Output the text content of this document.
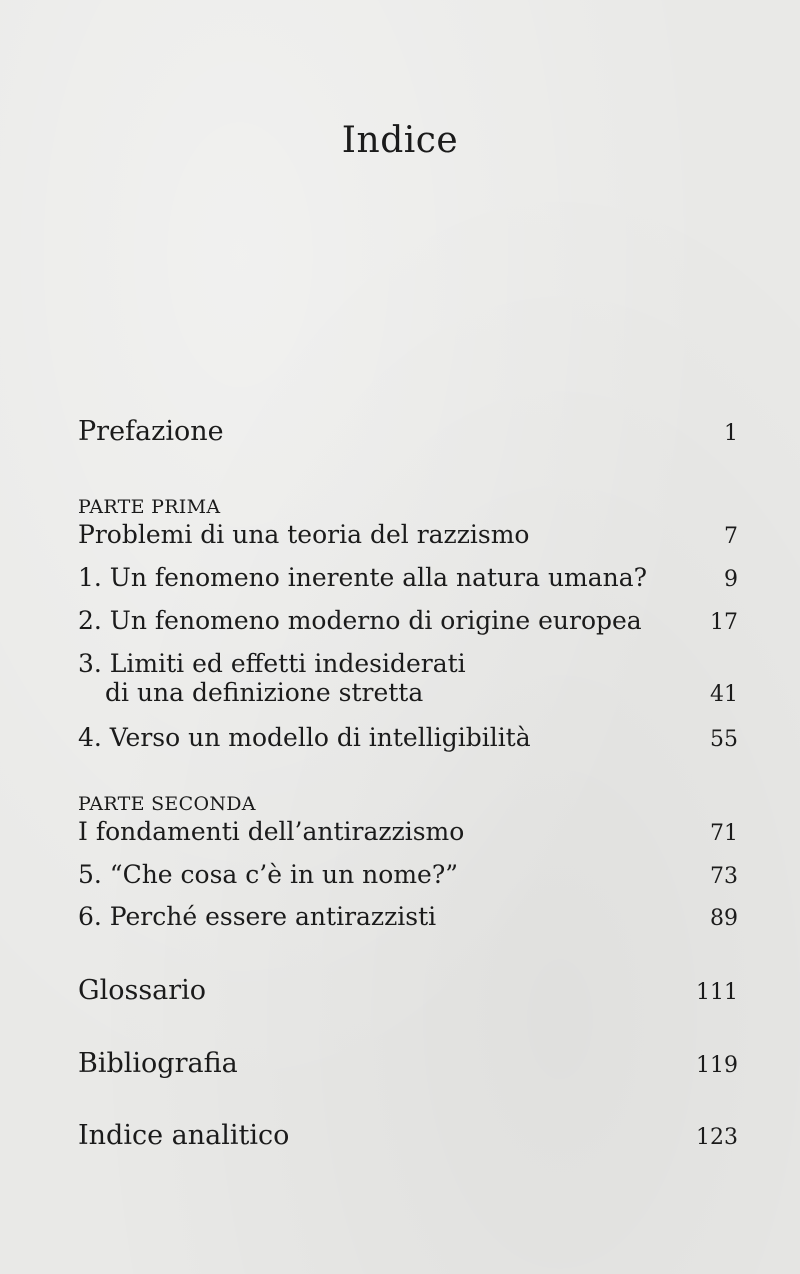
Indice
Prefazione	1
PARTE PRIMA
Problemi di una teoria del razzismo	7
1. Un fenomeno inerente alla natura umana?	9
2. Un fenomeno moderno di origine europea	17
3. Limiti ed effetti indesiderati
di una definizione stretta	41
4. Verso un modello di intelligibilità	55
PARTE SECONDA
I fondamenti dell’antirazzismo	71
5. “Che cosa c’è in un nome?”	73
6. Perché essere antirazzisti	89
Glossario	111
Bibliografia	119
Indice analitico	123
